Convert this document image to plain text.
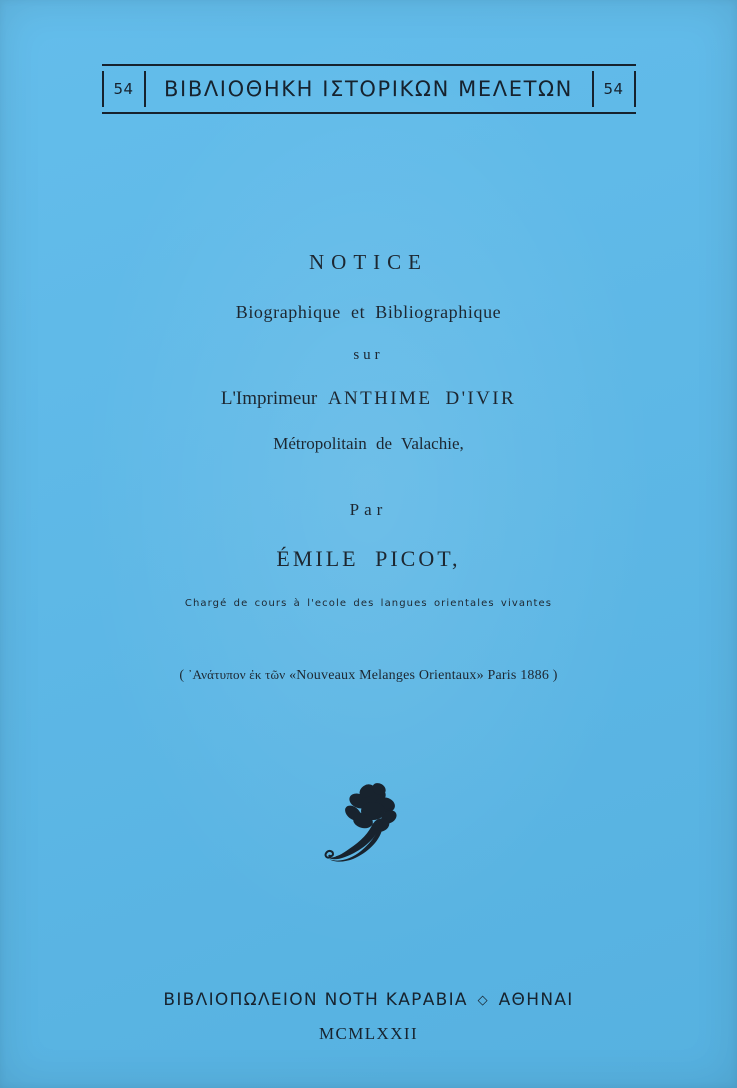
54	ΒΙΒΛΙΟΘΗΚΗ ΙΣΤΟΡΙΚΩΝ ΜΕΛΕΤΩΝ	54
NOTICE
Biographique et Bibliographique
sur
L'Imprimeur ANTHIME D'IVIR
Métropolitain de Valachie,
Par
ÉMILE PICOT,
Chargé de cours à l'ecole des langues orientales vivantes
( ᾿Ανάτυπον ἐκ τῶν «Nouveaux Melanges Orientaux» Paris 1886 )
ΒΙΒΛΙΟΠΩΛΕΙΟΝ ΝΟΤΗ ΚΑΡΑΒΙΑ ◇ ΑΘΗΝΑΙ
MCMLXXII
